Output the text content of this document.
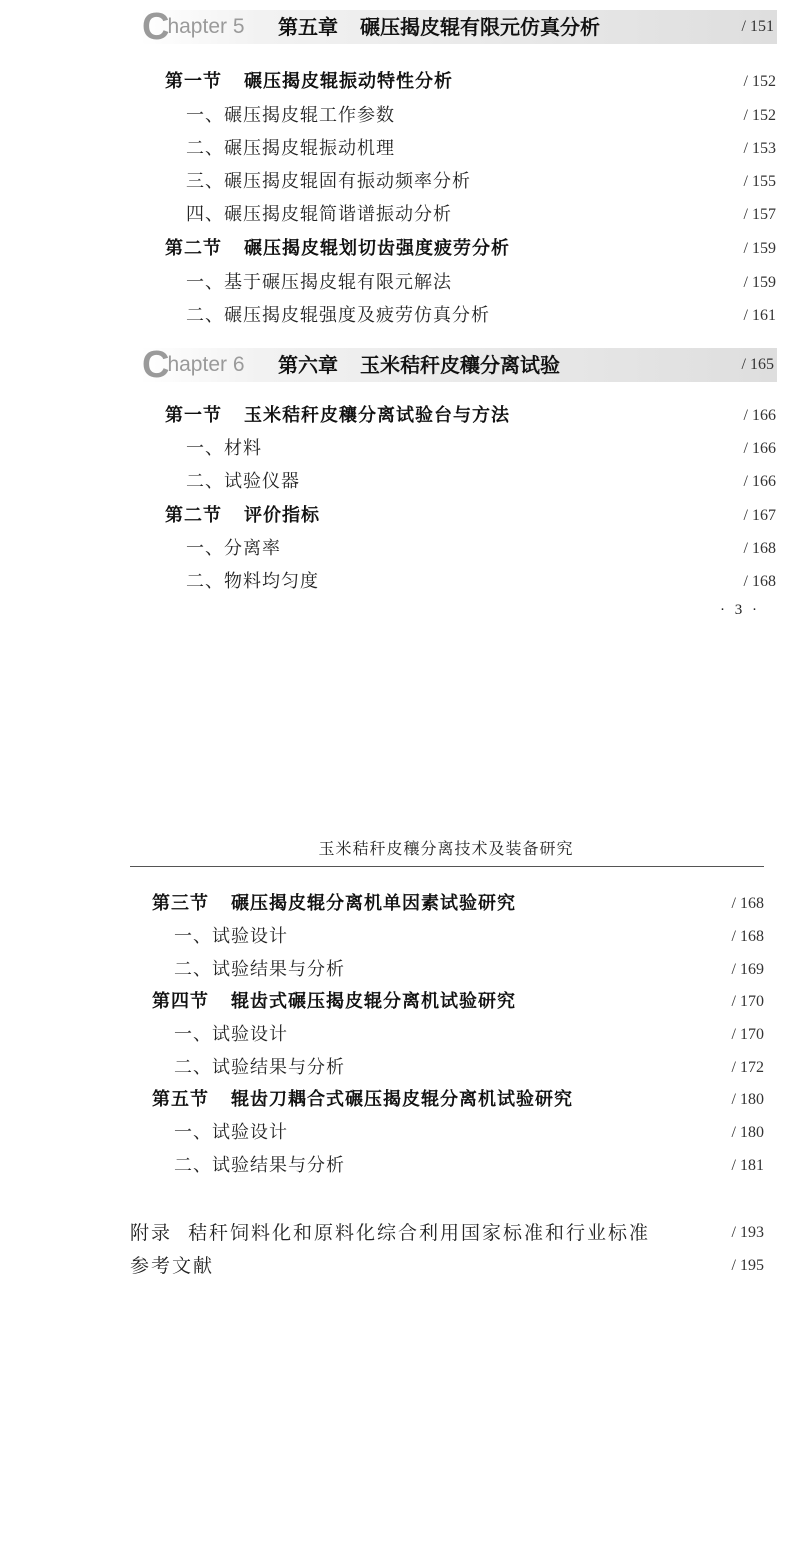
Chapter 5 第五章 碾压揭皮辊有限元仿真分析	/ 151
第一节 碾压揭皮辊振动特性分析	/ 152
一、碾压揭皮辊工作参数	/ 152
二、碾压揭皮辊振动机理	/ 153
三、碾压揭皮辊固有振动频率分析	/ 155
四、碾压揭皮辊简谐谱振动分析	/ 157
第二节 碾压揭皮辊划切齿强度疲劳分析	/ 159
一、基于碾压揭皮辊有限元解法	/ 159
二、碾压揭皮辊强度及疲劳仿真分析	/ 161
Chapter 6 第六章 玉米秸秆皮穰分离试验	/ 165
第一节 玉米秸秆皮穰分离试验台与方法	/ 166
一、材料	/ 166
二、试验仪器	/ 166
第二节 评价指标	/ 167
一、分离率	/ 168
二、物料均匀度	/ 168
· 3 ·
玉米秸秆皮穰分离技术及装备研究
第三节 碾压揭皮辊分离机单因素试验研究	/ 168
一、试验设计	/ 168
二、试验结果与分析	/ 169
第四节 辊齿式碾压揭皮辊分离机试验研究	/ 170
一、试验设计	/ 170
二、试验结果与分析	/ 172
第五节 辊齿刀耦合式碾压揭皮辊分离机试验研究	/ 180
一、试验设计	/ 180
二、试验结果与分析	/ 181
附录 秸秆饲料化和原料化综合利用国家标准和行业标准	/ 193
参考文献	/ 195
